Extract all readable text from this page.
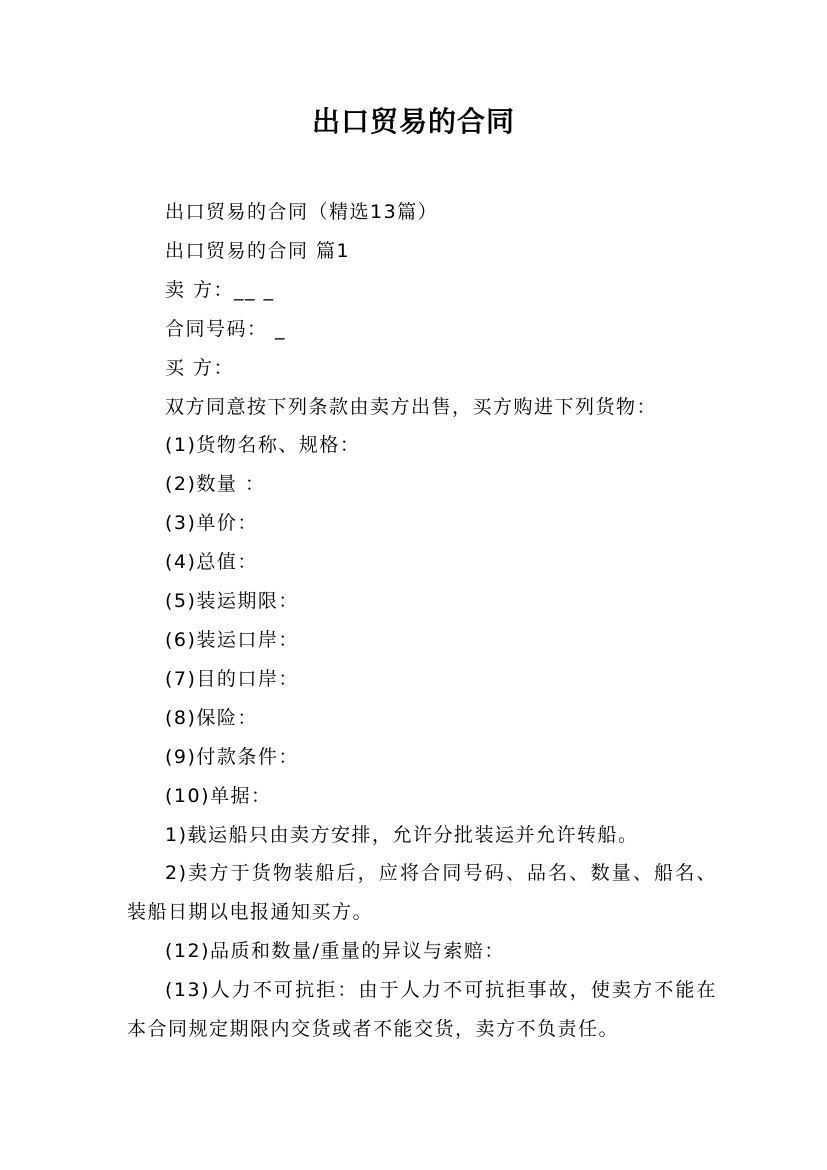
出口贸易的合同

出口贸易的合同（精选13篇）

出口贸易的合同 篇1

卖 方：__ _

合同号码： _

买 方：

双方同意按下列条款由卖方出售，买方购进下列货物：

(1)货物名称、规格：

(2)数量 ：

(3)单价：

(4)总值：

(5)装运期限：

(6)装运口岸：

(7)目的口岸：

(8)保险：

(9)付款条件：

(10)单据：

1)载运船只由卖方安排，允许分批装运并允许转船。

2)卖方于货物装船后，应将合同号码、品名、数量、船名、装船日期以电报通知买方。

(12)品质和数量/重量的异议与索赔：

(13)人力不可抗拒：由于人力不可抗拒事故，使卖方不能在本合同规定期限内交货或者不能交货，卖方不负责任。
